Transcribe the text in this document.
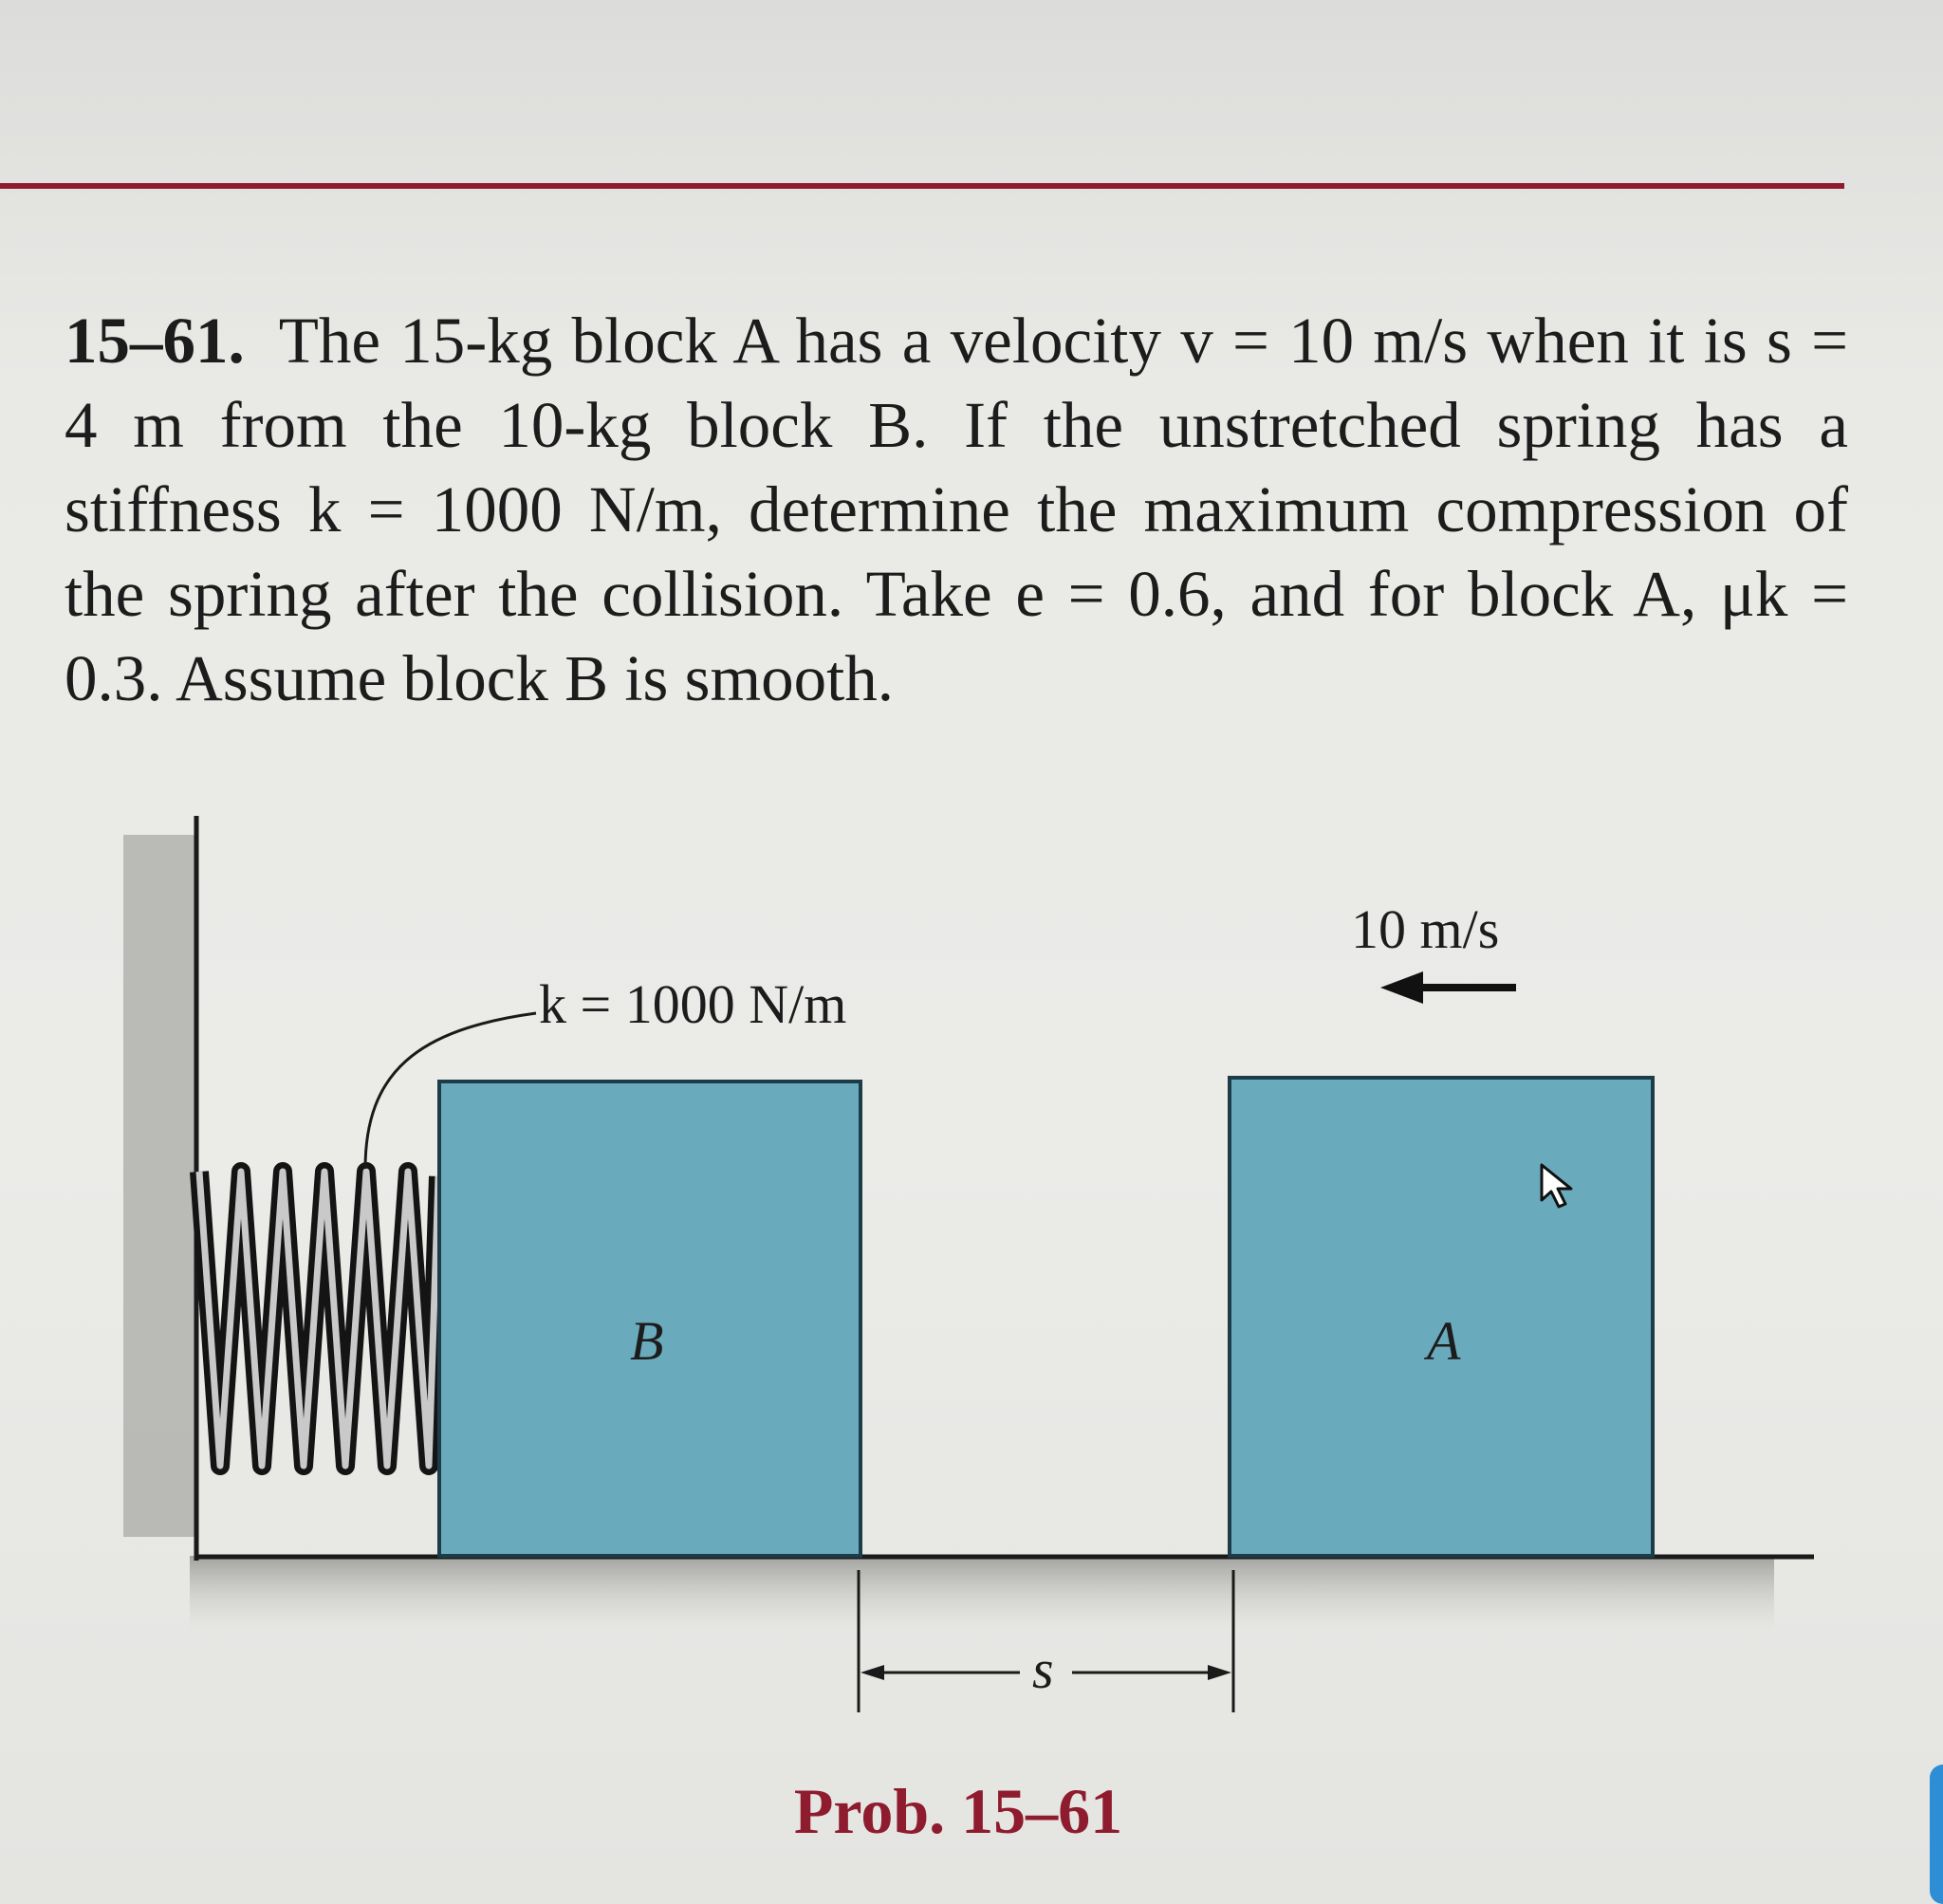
15–61. The 15-kg block A has a velocity v = 10 m/s when it is s = 4 m from the 10-kg block B. If the unstretched spring has a stiffness k = 1000 N/m, determine the maximum compression of the spring after the collision. Take e = 0.6, and for block A, μk = 0.3. Assume block B is smooth.

k = 1000 N/m
10 m/s
B	A
s
Prob. 15–61
